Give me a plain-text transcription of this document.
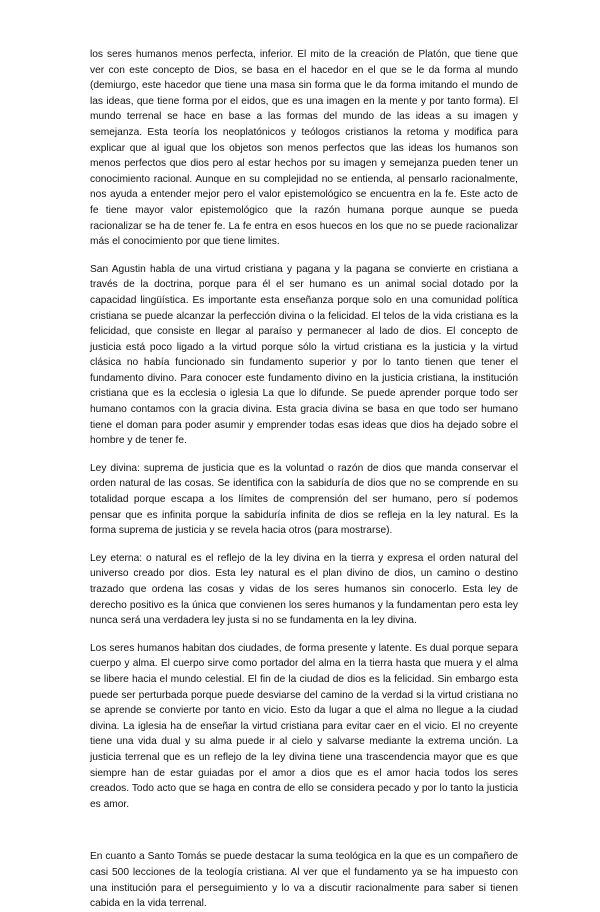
los seres humanos menos perfecta, inferior. El mito de la creación de Platón, que tiene que ver con este concepto de Dios, se basa en el hacedor en el que se le da forma al mundo (demiurgo, este hacedor que tiene una masa sin forma que le da forma imitando el mundo de las ideas, que tiene forma por el eidos, que es una imagen en la mente y por tanto forma). El mundo terrenal se hace en base a las formas del mundo de las ideas a su imagen y semejanza. Esta teoría los neoplatónicos y teólogos cristianos la retoma y modifica para explicar que al igual que los objetos son menos perfectos que las ideas los humanos son menos perfectos que dios pero al estar hechos por su imagen y semejanza pueden tener un conocimiento racional. Aunque en su complejidad no se entienda, al pensarlo racionalmente, nos ayuda a entender mejor pero el valor epistemológico se encuentra en la fe. Este acto de fe tiene mayor valor epistemológico que la razón humana porque aunque se pueda racionalizar se ha de tener fe. La fe entra en esos huecos en los que no se puede racionalizar más el conocimiento por que tiene limites.

San Agustin habla de una virtud cristiana y pagana y la pagana se convierte en cristiana a través de la doctrina, porque para él el ser humano es un animal social dotado por la capacidad lingüística. Es importante esta enseñanza porque solo en una comunidad política cristiana se puede alcanzar la perfección divina o la felicidad. El telos de la vida cristiana es la felicidad, que consiste en llegar al paraíso y permanecer al lado de dios. El concepto de justicia está poco ligado a la virtud porque sólo la virtud cristiana es la justicia y la virtud clásica no había funcionado sin fundamento superior y por lo tanto tienen que tener el fundamento divino. Para conocer este fundamento divino en la justicia cristiana, la institución cristiana que es la ecclesia o iglesia La que lo difunde. Se puede aprender porque todo ser humano contamos con la gracia divina. Esta gracia divina se basa en que todo ser humano tiene el doman para poder asumir y emprender todas esas ideas que dios ha dejado sobre el hombre y de tener fe.

Ley divina: suprema de justicia que es la voluntad o razón de dios que manda conservar el orden natural de las cosas. Se identifica con la sabiduría de dios que no se comprende en su totalidad porque escapa a los límites de comprensión del ser humano, pero sí podemos pensar que es infinita porque la sabiduría infinita de dios se refleja en la ley natural. Es la forma suprema de justicia y se revela hacia otros (para mostrarse).

Ley eterna: o natural es el reflejo de la ley divina en la tierra y expresa el orden natural del universo creado por dios. Esta ley natural es el plan divino de dios, un camino o destino trazado que ordena las cosas y vidas de los seres humanos sin conocerlo. Esta ley de derecho positivo es la única que convienen los seres humanos y la fundamentan pero esta ley nunca será una verdadera ley justa si no se fundamenta en la ley divina.

Los seres humanos habitan dos ciudades, de forma presente y latente. Es dual porque separa cuerpo y alma. El cuerpo sirve como portador del alma en la tierra hasta que muera y el alma se libere hacia el mundo celestial. El fin de la ciudad de dios es la felicidad. Sin embargo esta puede ser perturbada porque puede desviarse del camino de la verdad si la virtud cristiana no se aprende se convierte por tanto en vicio. Esto da lugar a que el alma no llegue a la ciudad divina. La iglesia ha de enseñar la virtud cristiana para evitar caer en el vicio. El no creyente tiene una vida dual y su alma puede ir al cielo y salvarse mediante la extrema unción. La justicia terrenal que es un reflejo de la ley divina tiene una trascendencia mayor que es que siempre han de estar guiadas por el amor a dios que es el amor hacia todos los seres creados. Todo acto que se haga en contra de ello se considera pecado y por lo tanto la justicia es amor.

En cuanto a Santo Tomás se puede destacar la suma teológica en la que es un compañero de casi 500 lecciones de la teología cristiana. Al ver que el fundamento ya se ha impuesto con una institución para el perseguimiento y lo va a discutir racionalmente para saber si tienen cabida en la vida terrenal.
